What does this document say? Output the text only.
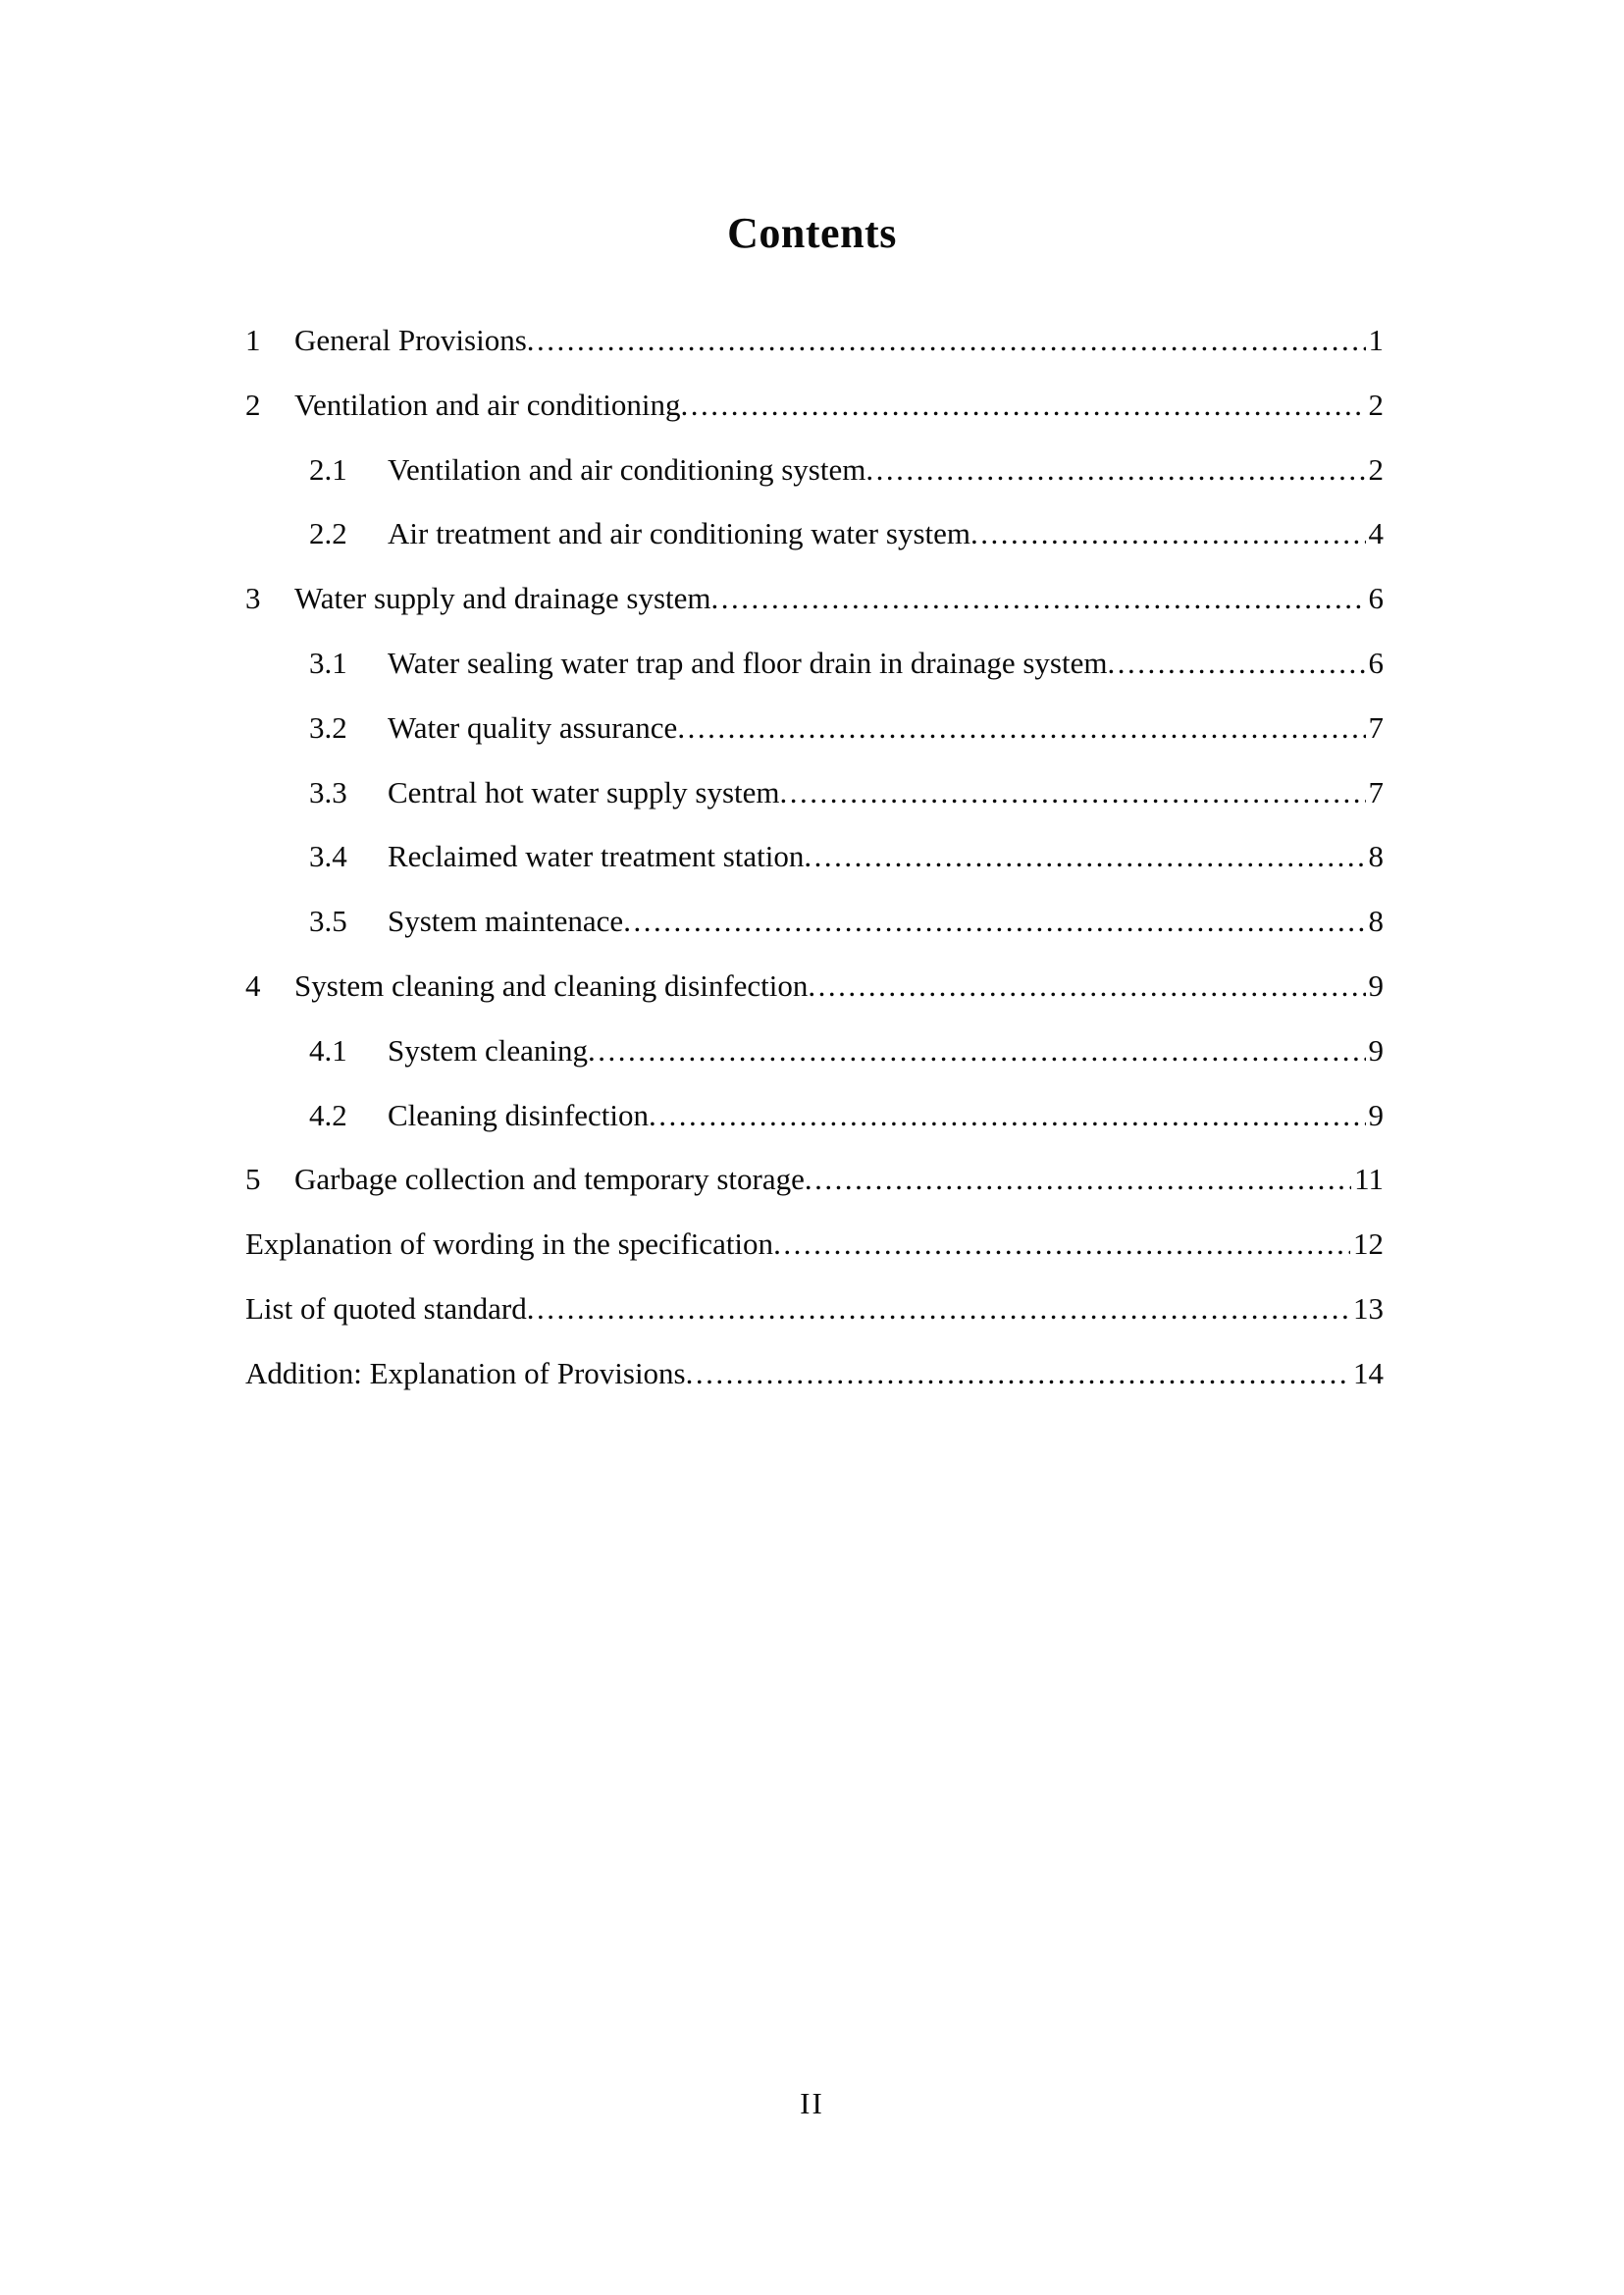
Contents
1	General Provisions .....	1
2	Ventilation and air conditioning .....	2
2.1	Ventilation and air conditioning system .....	2
2.2	Air treatment and air conditioning water system .....	4
3	Water supply and drainage system .....	6
3.1	Water sealing water trap and floor drain in drainage system .....	6
3.2	Water quality assurance .....	7
3.3	Central hot water supply system .....	7
3.4	Reclaimed water treatment station .....	8
3.5	System maintenace .....	8
4	System cleaning and cleaning disinfection .....	9
4.1	System cleaning .....	9
4.2	Cleaning disinfection .....	9
5	Garbage collection and temporary storage .....	11
Explanation of wording in the specification .....	12
List of quoted standard .....	13
Addition: Explanation of Provisions .....	14
II
